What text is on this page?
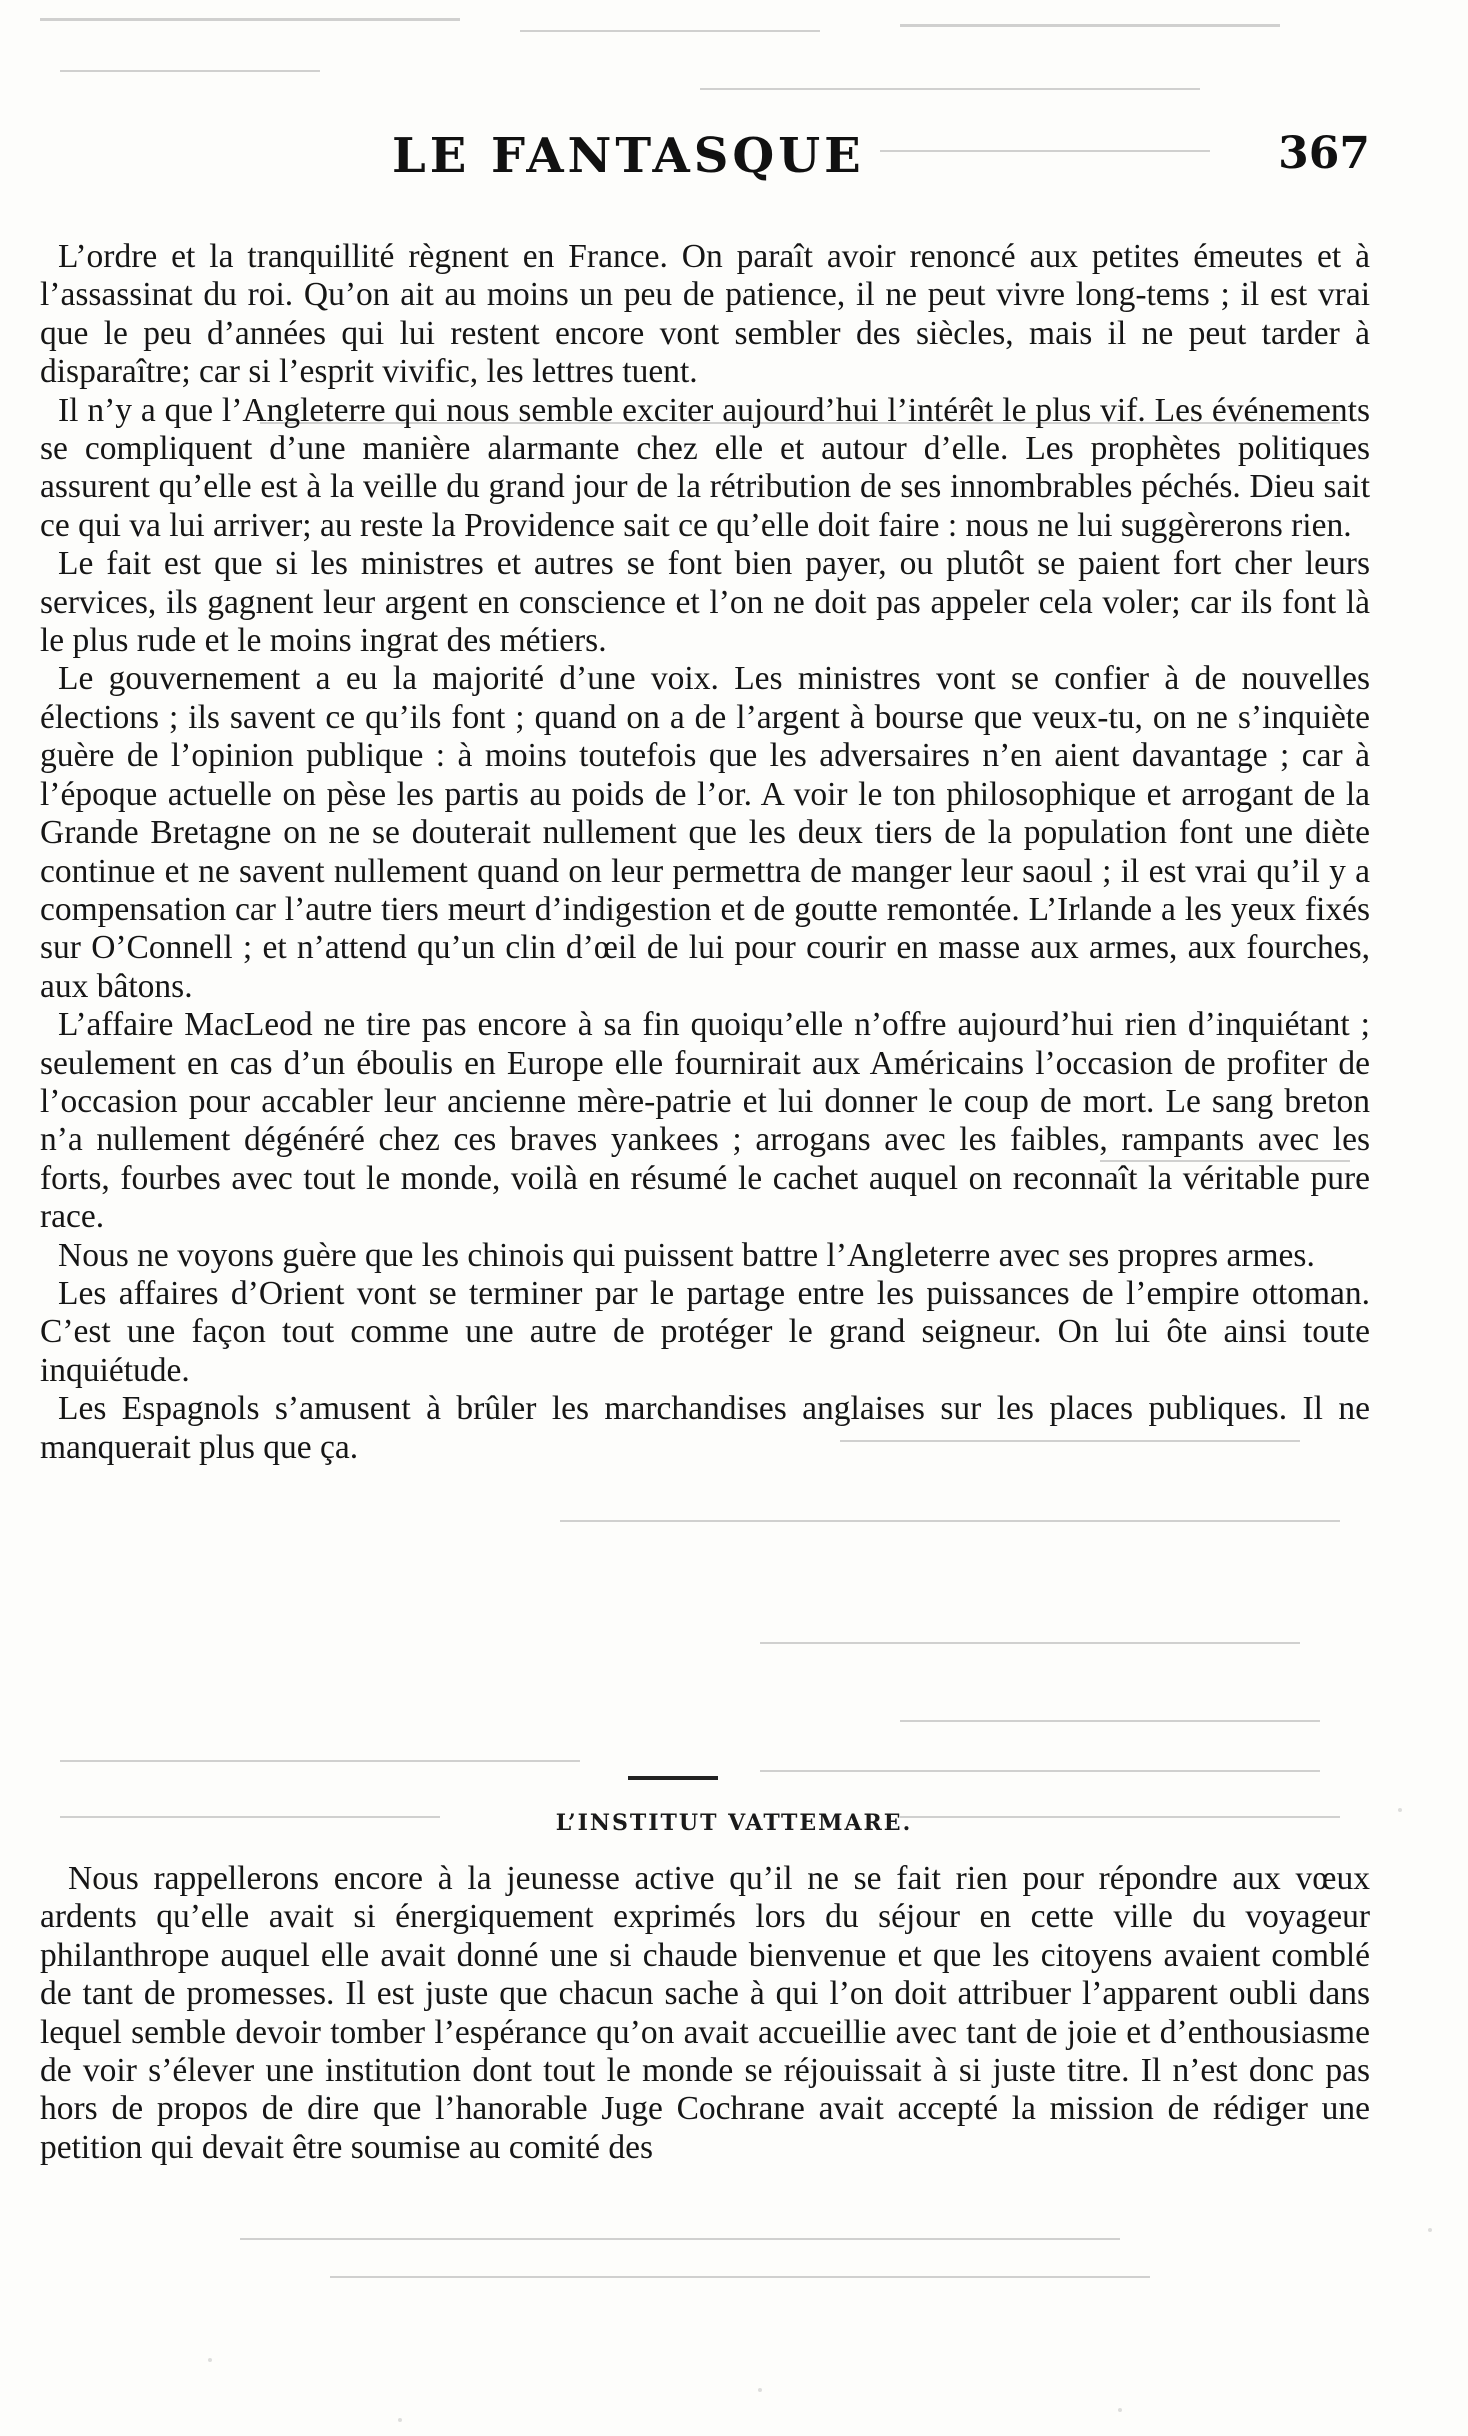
LE FANTASQUE	367

L’ordre et la tranquillité règnent en France. On paraît avoir renoncé aux petites émeutes et à l’assassinat du roi. Qu’on ait au moins un peu de patience, il ne peut vivre long-tems ; il est vrai que le peu d’années qui lui restent encore vont sembler des siècles, mais il ne peut tarder à disparaître; car si l’esprit vivific, les lettres tuent.

Il n’y a que l’Angleterre qui nous semble exciter aujourd’hui l’intérêt le plus vif. Les événements se compliquent d’une manière alarmante chez elle et autour d’elle. Les prophètes politiques assurent qu’elle est à la veille du grand jour de la rétribution de ses innombrables péchés. Dieu sait ce qui va lui arriver; au reste la Providence sait ce qu’elle doit faire : nous ne lui suggèrerons rien.

Le fait est que si les ministres et autres se font bien payer, ou plutôt se paient fort cher leurs services, ils gagnent leur argent en conscience et l’on ne doit pas appeler cela voler; car ils font là le plus rude et le moins ingrat des métiers.

Le gouvernement a eu la majorité d’une voix. Les ministres vont se confier à de nouvelles élections ; ils savent ce qu’ils font ; quand on a de l’argent à bourse que veux-tu, on ne s’inquiète guère de l’opinion publique : à moins toutefois que les adversaires n’en aient davantage ; car à l’époque actuelle on pèse les partis au poids de l’or. A voir le ton philosophique et arrogant de la Grande Bretagne on ne se douterait nullement que les deux tiers de la population font une diète continue et ne savent nullement quand on leur permettra de manger leur saoul ; il est vrai qu’il y a compensation car l’autre tiers meurt d’indigestion et de goutte remontée. L’Irlande a les yeux fixés sur O’Connell ; et n’attend qu’un clin d’œil de lui pour courir en masse aux armes, aux fourches, aux bâtons.

L’affaire MacLeod ne tire pas encore à sa fin quoiqu’elle n’offre aujourd’hui rien d’inquiétant ; seulement en cas d’un éboulis en Europe elle fournirait aux Américains l’occasion de profiter de l’occasion pour accabler leur ancienne mère-patrie et lui donner le coup de mort. Le sang breton n’a nullement dégénéré chez ces braves yankees ; arrogans avec les faibles, rampants avec les forts, fourbes avec tout le monde, voilà en résumé le cachet auquel on reconnaît la véritable pure race.

Nous ne voyons guère que les chinois qui puissent battre l’Angleterre avec ses propres armes.

Les affaires d’Orient vont se terminer par le partage entre les puissances de l’empire ottoman. C’est une façon tout comme une autre de protéger le grand seigneur. On lui ôte ainsi toute inquiétude.

Les Espagnols s’amusent à brûler les marchandises anglaises sur les places publiques. Il ne manquerait plus que ça.

L’INSTITUT VATTEMARE.

Nous rappellerons encore à la jeunesse active qu’il ne se fait rien pour répondre aux vœux ardents qu’elle avait si énergiquement exprimés lors du séjour en cette ville du voyageur philanthrope auquel elle avait donné une si chaude bienvenue et que les citoyens avaient comblé de tant de promesses. Il est juste que chacun sache à qui l’on doit attribuer l’apparent oubli dans lequel semble devoir tomber l’espérance qu’on avait accueillie avec tant de joie et d’enthousiasme de voir s’élever une institution dont tout le monde se réjouissait à si juste titre. Il n’est donc pas hors de propos de dire que l’hanorable Juge Cochrane avait accepté la mission de rédiger une petition qui devait être soumise au comité des
